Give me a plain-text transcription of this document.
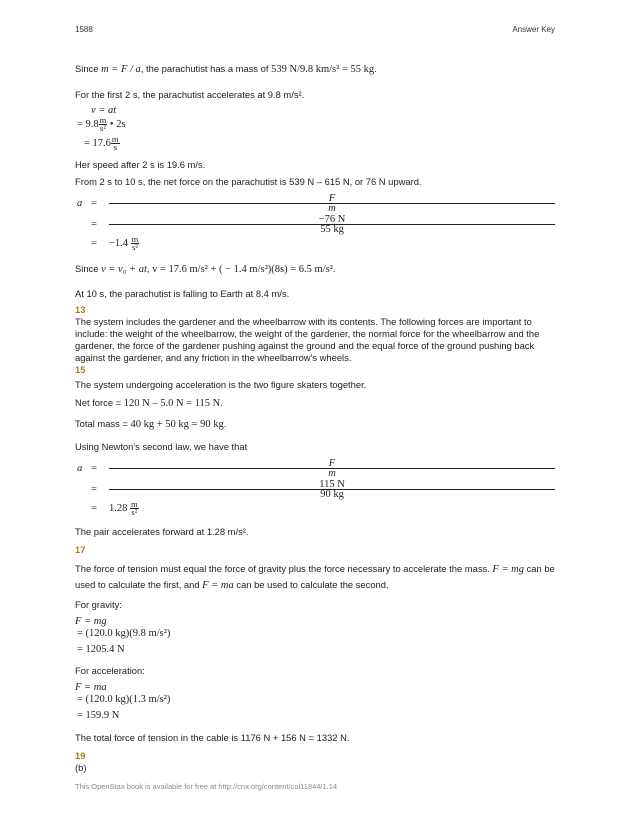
1588	Answer Key

Since m = F / a, the parachutist has a mass of 539 N/9.8 km/s² = 55 kg.

For the first 2 s, the parachutist accelerates at 9.8 m/s².

v = at
= $9.8 \frac{m}{\text{s²}}$ • 2s
= $17.6 \frac{m}{s}$

Her speed after 2 s is 19.6 m/s.

From 2 s to 10 s, the net force on the parachutist is 539 N – 615 N, or 76 N upward.

a =	$\frac{F}{m}$
=	$\frac{-76 N}{55 kg}$
=	$-1.4 \frac{m}{\text{s²}}$

Since v = v₀ + at, v = 17.6 m/s² + ( − 1.4 m/s²)(8s) = 6.5 m/s².

At 10 s, the parachutist is falling to Earth at 8.4 m/s.

13

The system includes the gardener and the wheelbarrow with its contents. The following forces are important to include: the weight of the wheelbarrow, the weight of the gardener, the normal force for the wheelbarrow and the gardener, the force of the gardener pushing against the ground and the equal force of the ground pushing back against the gardener, and any friction in the wheelbarrow's wheels.

15

The system undergoing acceleration is the two figure skaters together.

Net force = 120 N – 5.0 N = 115 N.

Total mass = 40 kg + 50 kg = 90 kg.

Using Newton's second law, we have that

a =	$\frac{F}{m}$
=	$\frac{115 N}{90 kg}$
=	$1.28 \frac{m}{\text{s²}}$

The pair accelerates forward at 1.28 m/s².

17

The force of tension must equal the force of gravity plus the force necessary to accelerate the mass. F = mg can be used to calculate the first, and F = ma can be used to calculate the second.

For gravity:

F = mg
= (120.0 kg)(9.8 m/s²)
= 1205.4 N

For acceleration:

F = ma
= (120.0 kg)(1.3 m/s²)
= 159.9 N

The total force of tension in the cable is 1176 N + 156 N = 1332 N.

19

(b)

This OpenStax book is available for free at http://cnx.org/content/col11844/1.14
